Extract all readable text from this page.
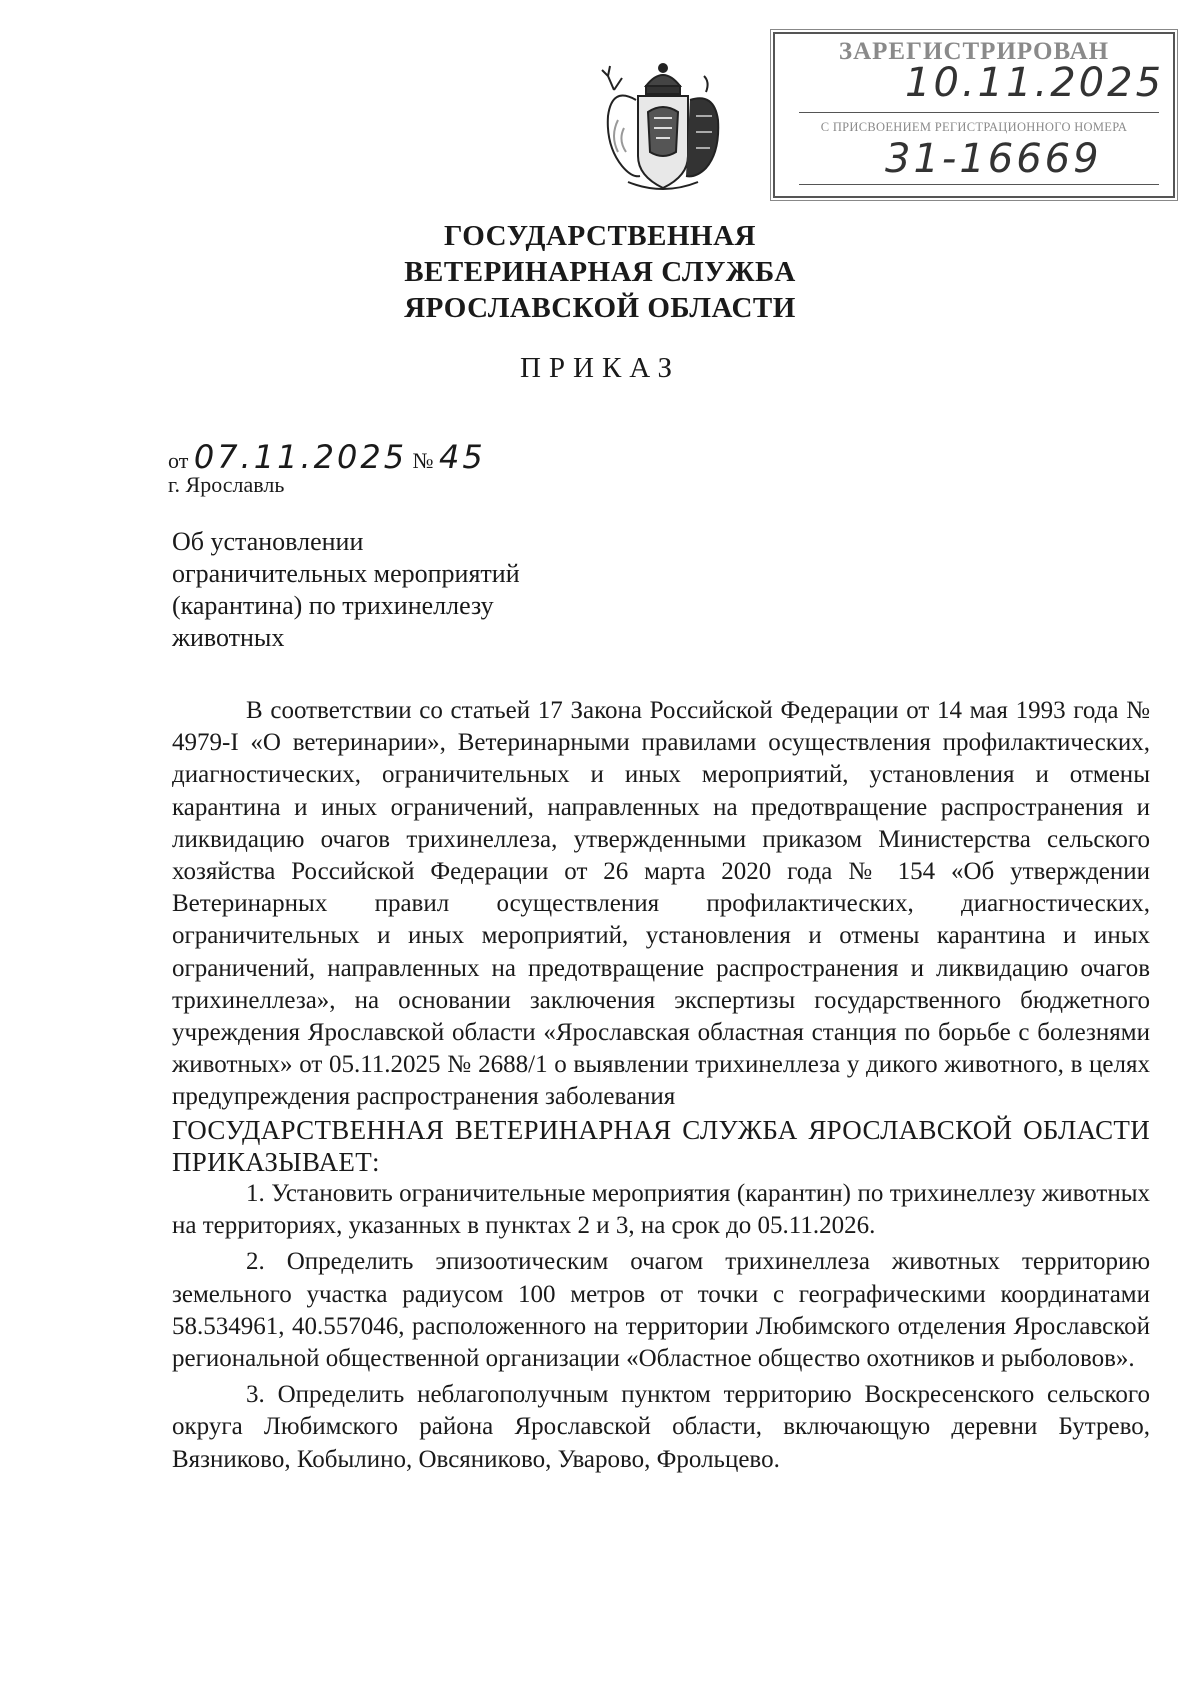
ЗАРЕГИСТРИРОВАН
10.11.2025
С ПРИСВОЕНИЕМ РЕГИСТРАЦИОННОГО НОМЕРА
31-16669
ГОСУДАРСТВЕННАЯ
ВЕТЕРИНАРНАЯ СЛУЖБА
ЯРОСЛАВСКОЙ ОБЛАСТИ
ПРИКАЗ
от 07.11.2025 № 45
г. Ярославль
Об установлении
ограничительных мероприятий
(карантина) по трихинеллезу
животных

В соответствии со статьей 17 Закона Российской Федерации от 14 мая 1993 года № 4979-I «О ветеринарии», Ветеринарными правилами осуществления профилактических, диагностических, ограничительных и иных мероприятий, установления и отмены карантина и иных ограничений, направленных на предотвращение распространения и ликвидацию очагов трихинеллеза, утвержденными приказом Министерства сельского хозяйства Российской Федерации от 26 марта 2020 года № 154 «Об утверждении Ветеринарных правил осуществления профилактических, диагностических, ограничительных и иных мероприятий, установления и отмены карантина и иных ограничений, направленных на предотвращение распространения и ликвидацию очагов трихинеллеза», на основании заключения экспертизы государственного бюджетного учреждения Ярославской области «Ярославская областная станция по борьбе с болезнями животных» от 05.11.2025 № 2688/1 о выявлении трихинеллеза у дикого животного, в целях предупреждения распространения заболевания

ГОСУДАРСТВЕННАЯ ВЕТЕРИНАРНАЯ СЛУЖБА ЯРОСЛАВСКОЙ ОБЛАСТИ ПРИКАЗЫВАЕТ:

1. Установить ограничительные мероприятия (карантин) по трихинеллезу животных на территориях, указанных в пунктах 2 и 3, на срок до 05.11.2026.

2. Определить эпизоотическим очагом трихинеллеза животных территорию земельного участка радиусом 100 метров от точки с географическими координатами 58.534961, 40.557046, расположенного на территории Любимского отделения Ярославской региональной общественной организации «Областное общество охотников и рыболовов».

3. Определить неблагополучным пунктом территорию Воскресенского сельского округа Любимского района Ярославской области, включающую деревни Бутрево, Вязниково, Кобылино, Овсяниково, Уварово, Фрольцево.
